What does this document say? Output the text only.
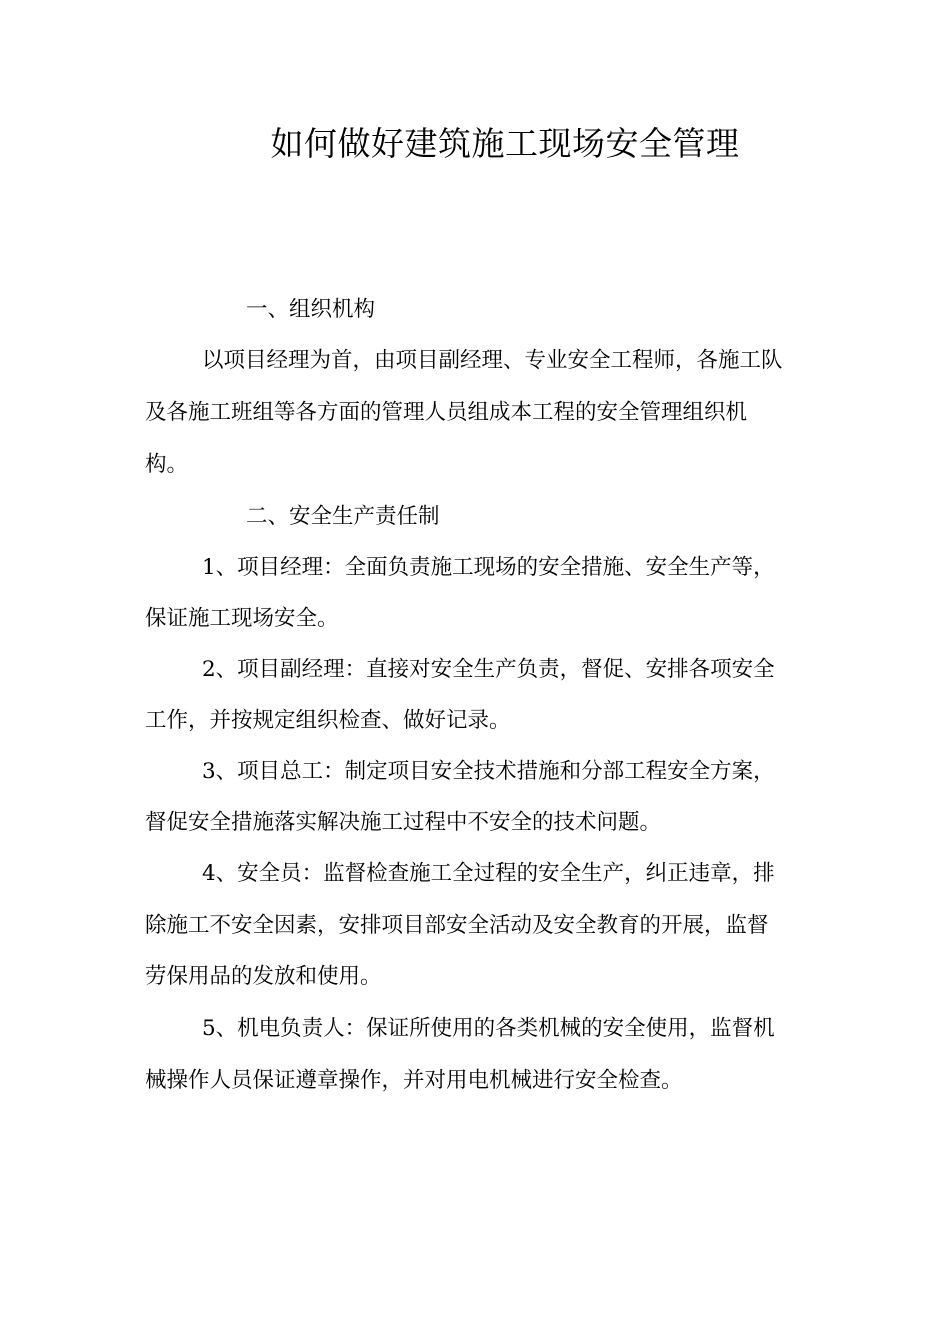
如何做好建筑施工现场安全管理
一、组织机构
以项目经理为首，由项目副经理、专业安全工程师，各施工队
及各施工班组等各方面的管理人员组成本工程的安全管理组织机
构。
二、安全生产责任制
1、项目经理：全面负责施工现场的安全措施、安全生产等，
保证施工现场安全。
2、项目副经理：直接对安全生产负责，督促、安排各项安全
工作，并按规定组织检查、做好记录。
3、项目总工：制定项目安全技术措施和分部工程安全方案，
督促安全措施落实解决施工过程中不安全的技术问题。
4、安全员：监督检查施工全过程的安全生产，纠正违章，排
除施工不安全因素，安排项目部安全活动及安全教育的开展，监督
劳保用品的发放和使用。
5、机电负责人：保证所使用的各类机械的安全使用，监督机
械操作人员保证遵章操作，并对用电机械进行安全检查。
